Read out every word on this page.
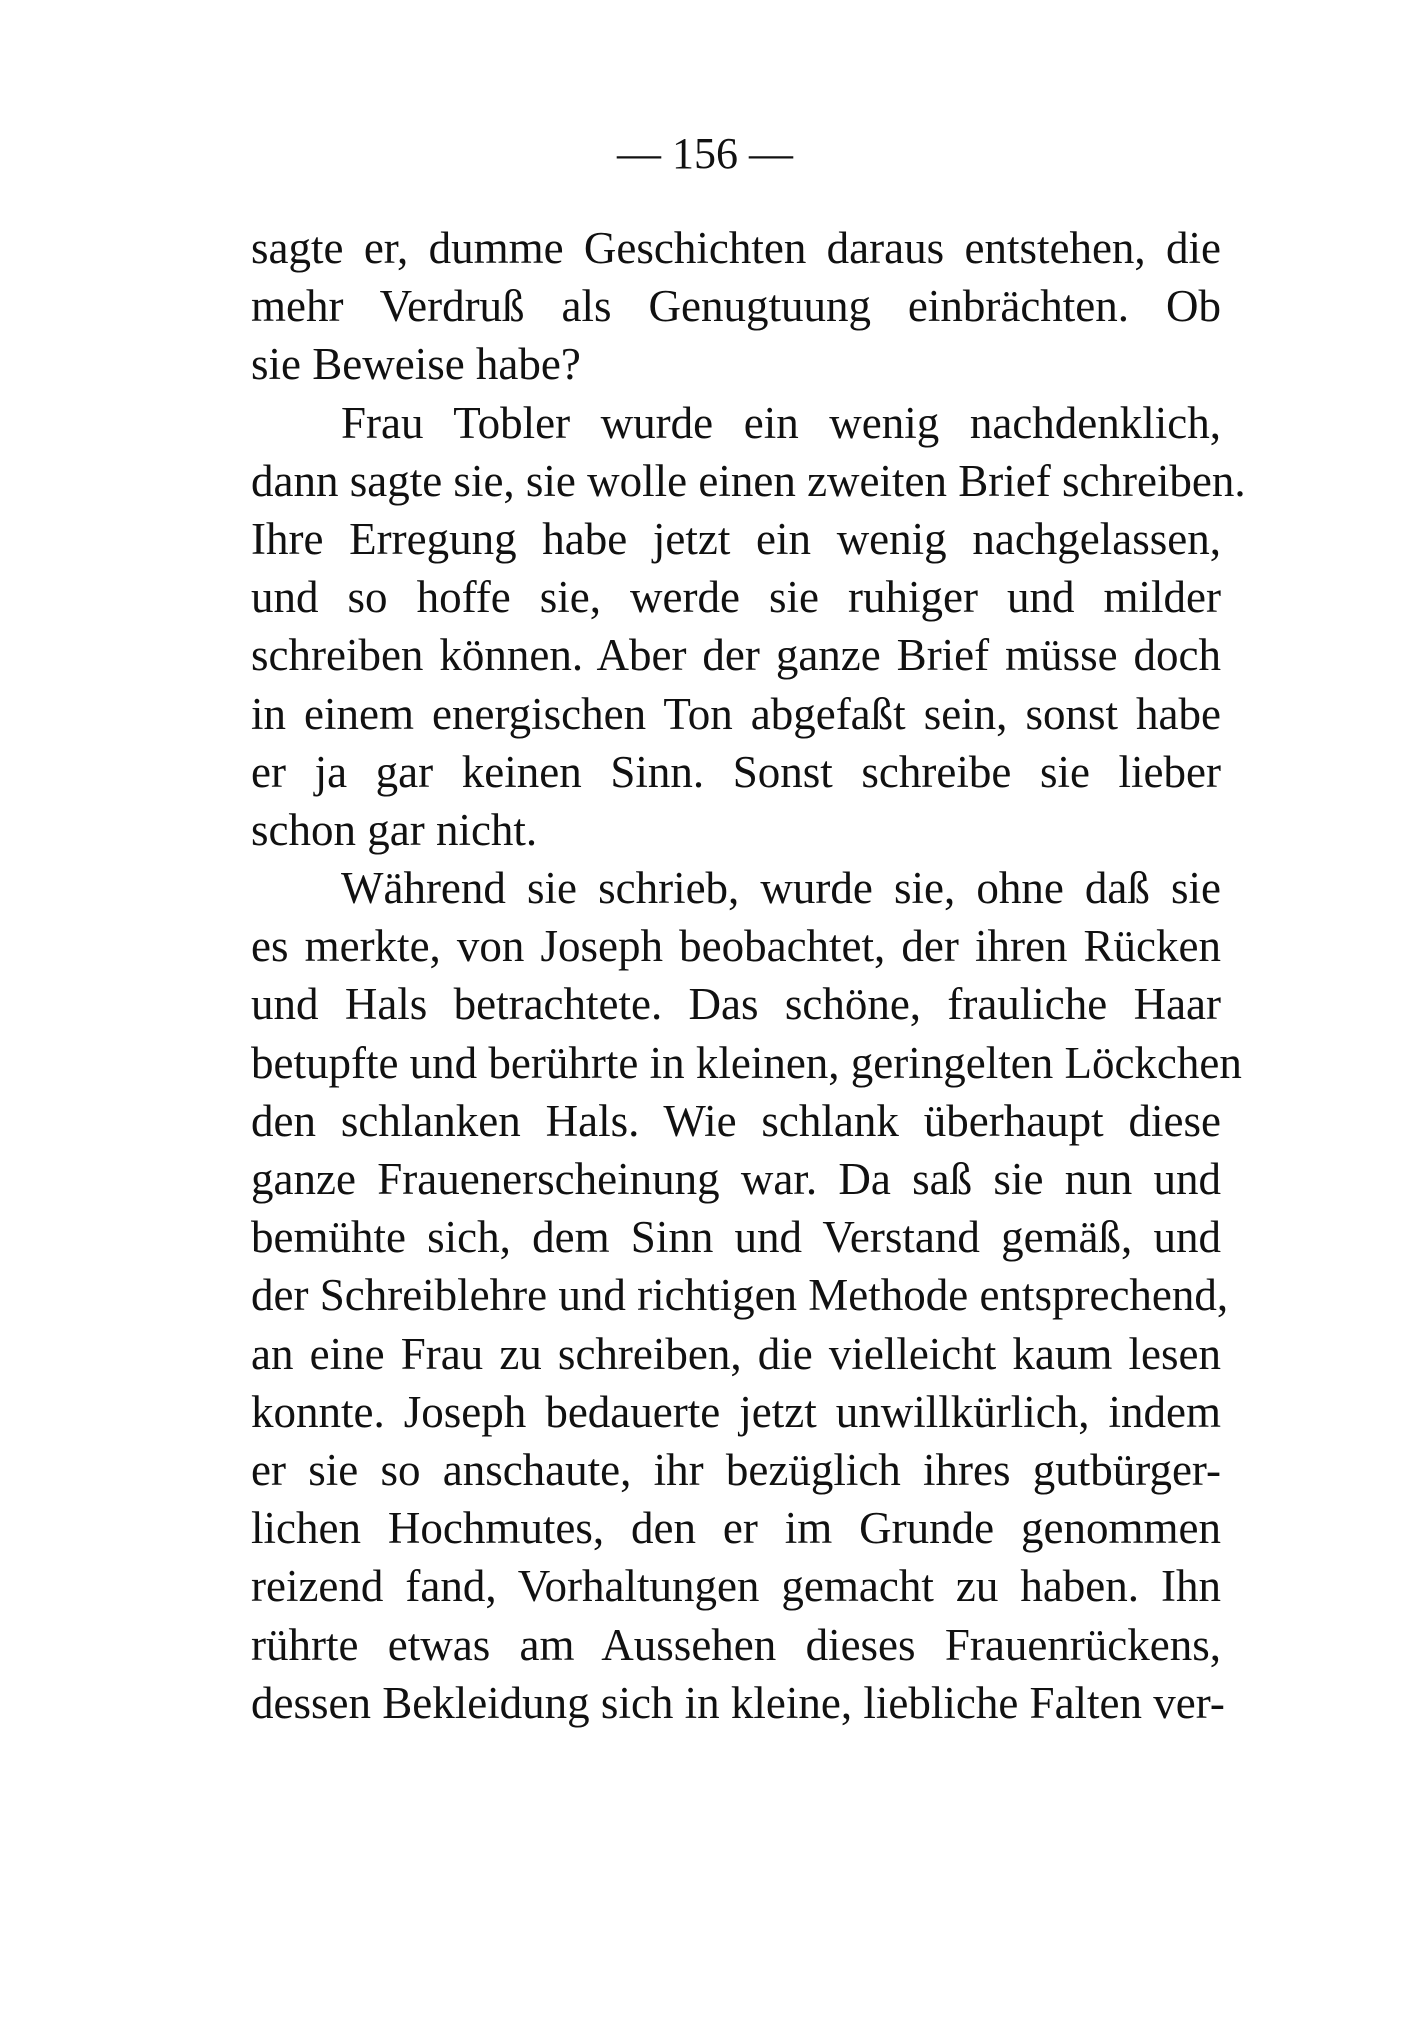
— 156 —
sagte er, dumme Geschichten daraus entstehen, die
mehr Verdruß als Genugtuung einbrächten. Ob
sie Beweise habe?
Frau Tobler wurde ein wenig nachdenklich,
dann sagte sie, sie wolle einen zweiten Brief schreiben.
Ihre Erregung habe jetzt ein wenig nachgelassen,
und so hoffe sie, werde sie ruhiger und milder
schreiben können. Aber der ganze Brief müsse doch
in einem energischen Ton abgefaßt sein, sonst habe
er ja gar keinen Sinn. Sonst schreibe sie lieber
schon gar nicht.
Während sie schrieb, wurde sie, ohne daß sie
es merkte, von Joseph beobachtet, der ihren Rücken
und Hals betrachtete. Das schöne, frauliche Haar
betupfte und berührte in kleinen, geringelten Löckchen
den schlanken Hals. Wie schlank überhaupt diese
ganze Frauenerscheinung war. Da saß sie nun und
bemühte sich, dem Sinn und Verstand gemäß, und
der Schreiblehre und richtigen Methode entsprechend,
an eine Frau zu schreiben, die vielleicht kaum lesen
konnte. Joseph bedauerte jetzt unwillkürlich, indem
er sie so anschaute, ihr bezüglich ihres gutbürger-
lichen Hochmutes, den er im Grunde genommen
reizend fand, Vorhaltungen gemacht zu haben. Ihn
rührte etwas am Aussehen dieses Frauenrückens,
dessen Bekleidung sich in kleine, liebliche Falten ver-
